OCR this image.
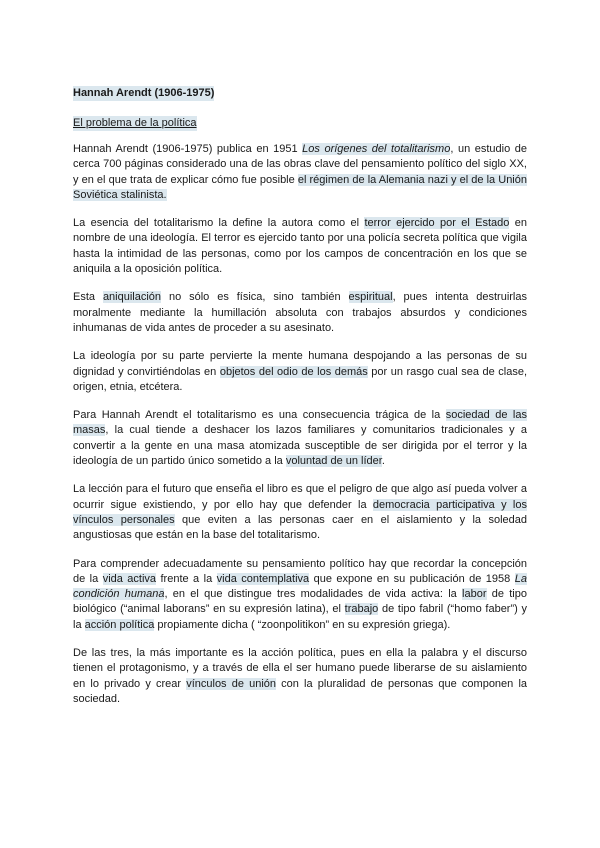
Hannah Arendt (1906-1975)
El problema de la política

Hannah Arendt (1906-1975) publica en 1951 Los orígenes del totalitarismo, un estudio de cerca 700 páginas considerado una de las obras clave del pensamiento político del siglo XX, y en el que trata de explicar cómo fue posible el régimen de la Alemania nazi y el de la Unión Soviética stalinista.

La esencia del totalitarismo la define la autora como el terror ejercido por el Estado en nombre de una ideología. El terror es ejercido tanto por una policía secreta política que vigila hasta la intimidad de las personas, como por los campos de concentración en los que se aniquila a la oposición política.

Esta aniquilación no sólo es física, sino también espiritual, pues intenta destruirlas moralmente mediante la humillación absoluta con trabajos absurdos y condiciones inhumanas de vida antes de proceder a su asesinato.

La ideología por su parte pervierte la mente humana despojando a las personas de su dignidad y convirtiéndolas en objetos del odio de los demás por un rasgo cual sea de clase, origen, etnia, etcétera.

Para Hannah Arendt el totalitarismo es una consecuencia trágica de la sociedad de las masas, la cual tiende a deshacer los lazos familiares y comunitarios tradicionales y a convertir a la gente en una masa atomizada susceptible de ser dirigida por el terror y la ideología de un partido único sometido a la voluntad de un líder.

La lección para el futuro que enseña el libro es que el peligro de que algo así pueda volver a ocurrir sigue existiendo, y por ello hay que defender la democracia participativa y los vínculos personales que eviten a las personas caer en el aislamiento y la soledad angustiosas que están en la base del totalitarismo.

Para comprender adecuadamente su pensamiento político hay que recordar la concepción de la vida activa frente a la vida contemplativa que expone en su publicación de 1958 La condición humana, en el que distingue tres modalidades de vida activa: la labor de tipo biológico (“animal laborans” en su expresión latina), el trabajo de tipo fabril (“homo faber”) y la acción política propiamente dicha ( “zoonpolitikon” en su expresión griega).

De las tres, la más importante es la acción política, pues en ella la palabra y el discurso tienen el protagonismo, y a través de ella el ser humano puede liberarse de su aislamiento en lo privado y crear vínculos de unión con la pluralidad de personas que componen la sociedad.
